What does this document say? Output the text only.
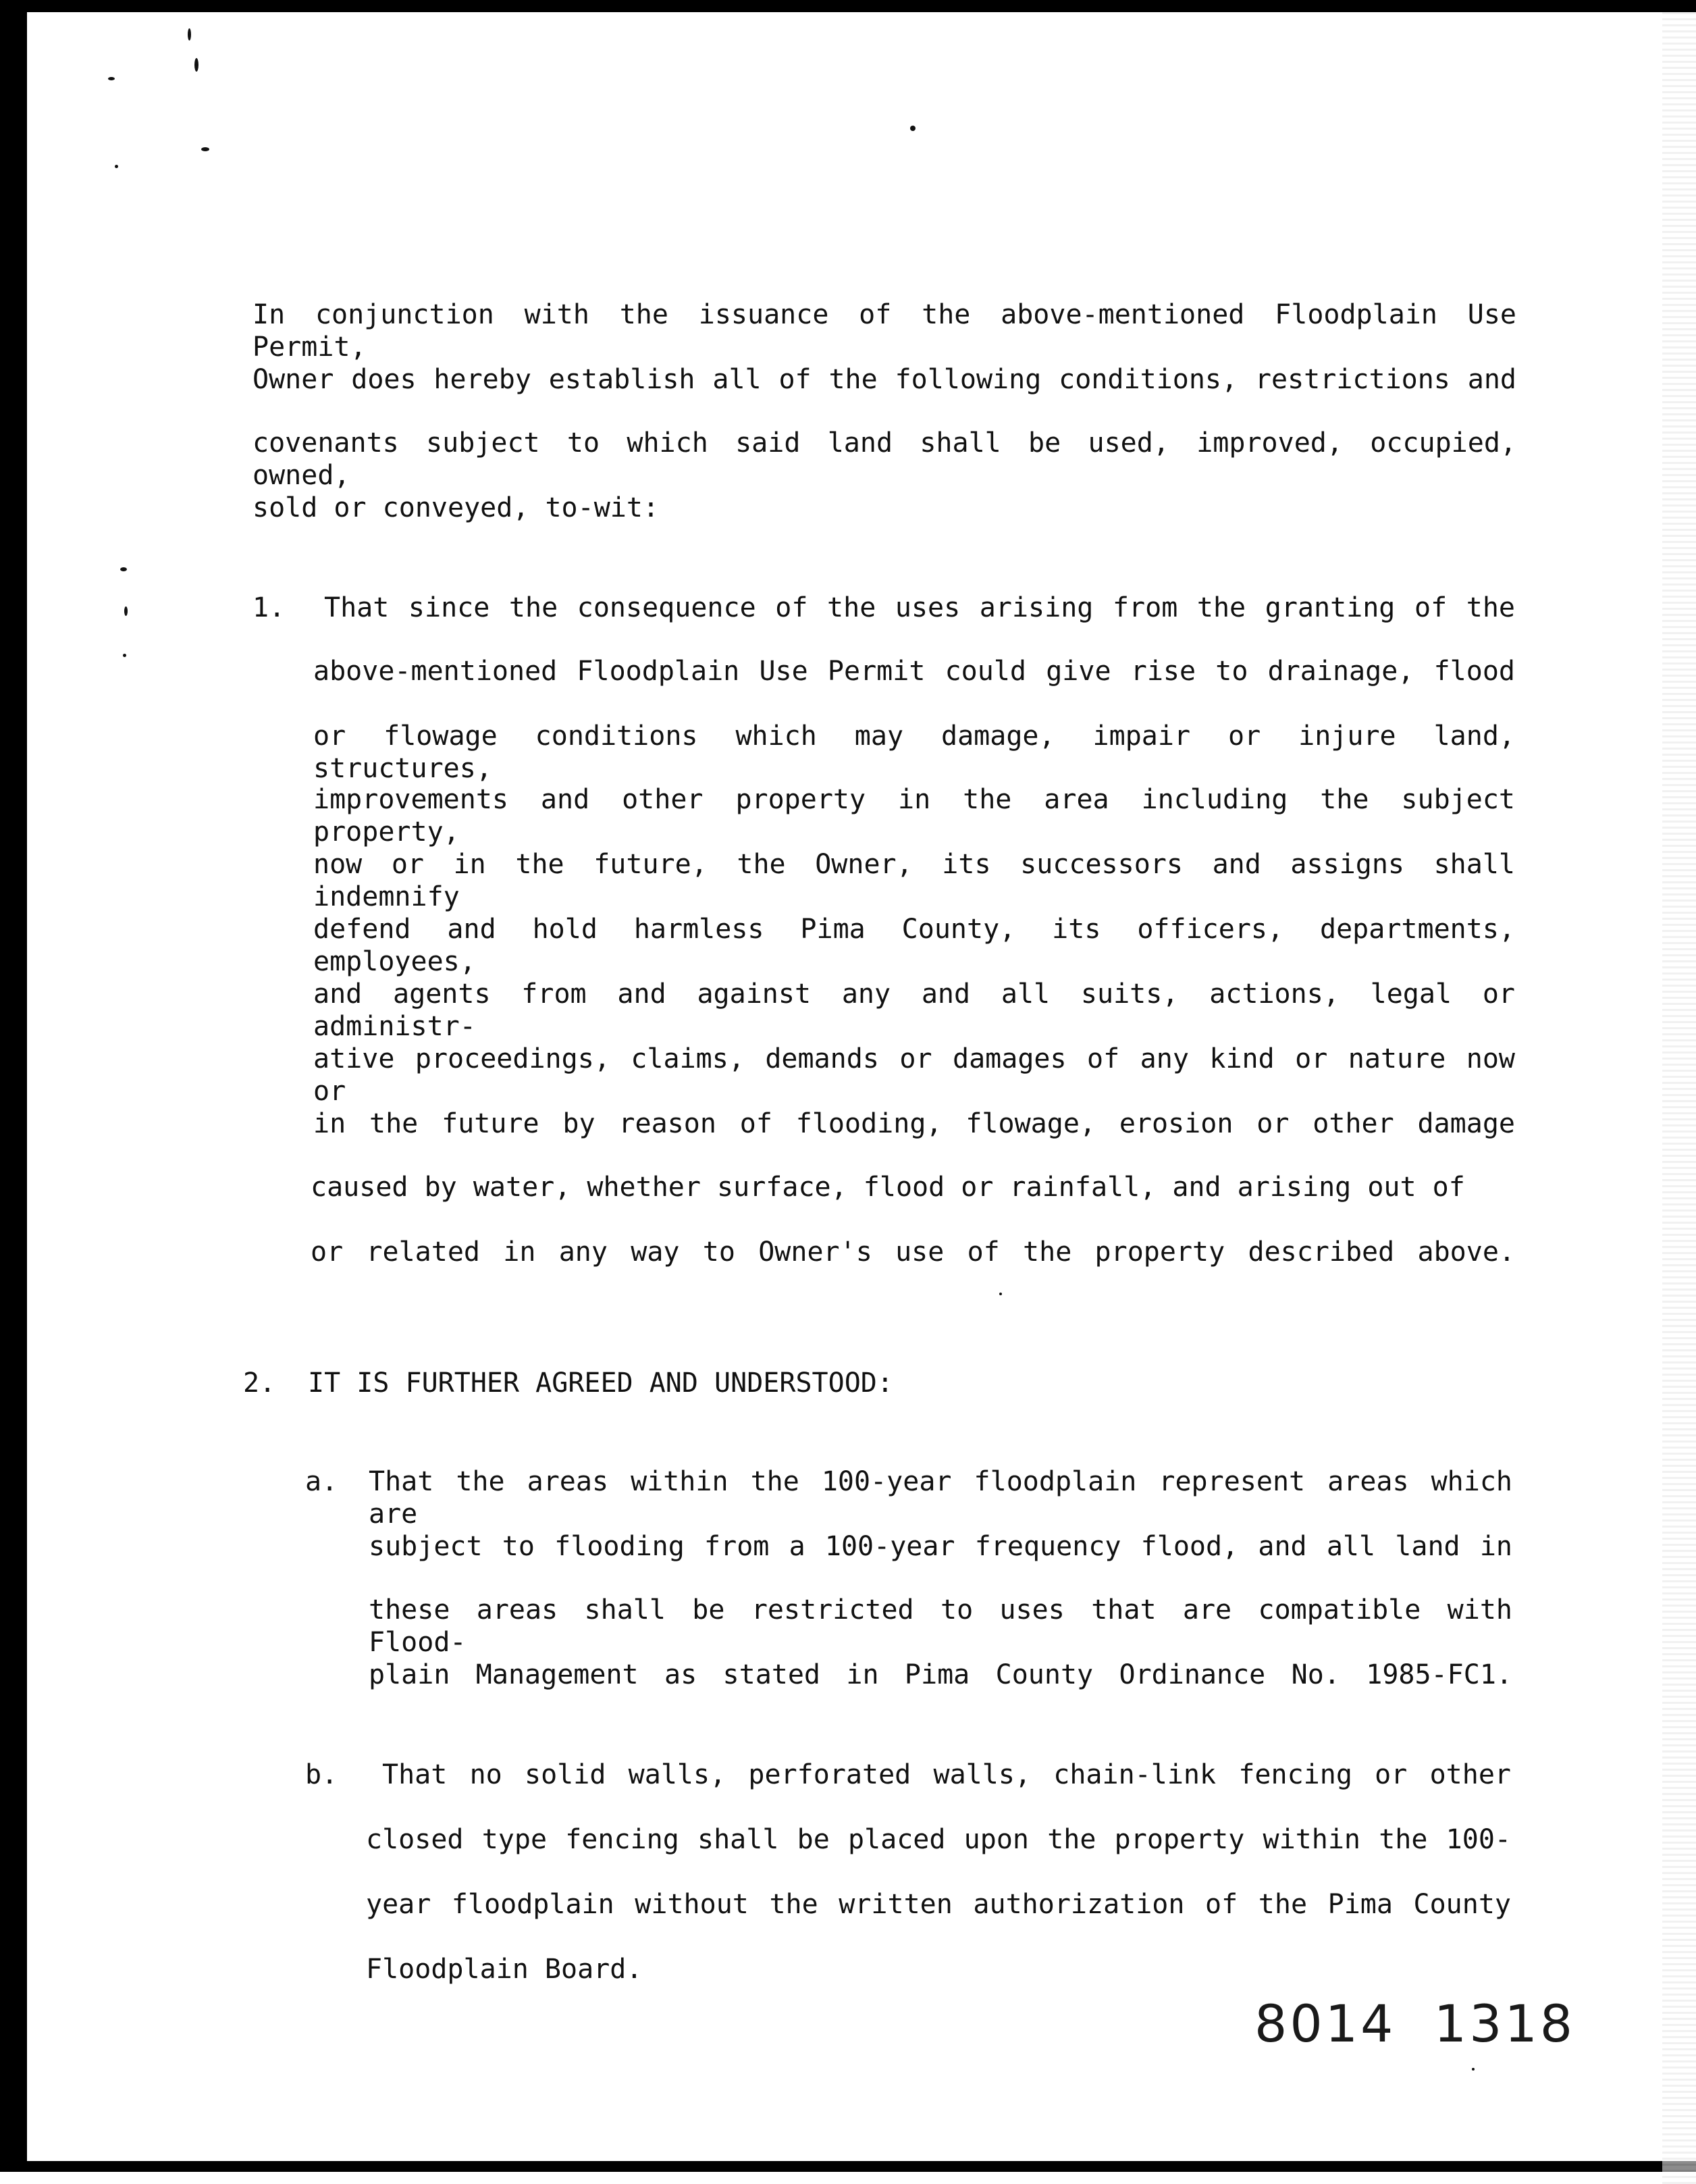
In conjunction with the issuance of the above-mentioned Floodplain Use Permit,
Owner does hereby establish all of the following conditions, restrictions and
covenants subject to which said land shall be used, improved, occupied, owned,
sold or conveyed, to-wit:
1. That since the consequence of the uses arising from the granting of the
above-mentioned Floodplain Use Permit could give rise to drainage, flood
or flowage conditions which may damage, impair or injure land, structures,
improvements and other property in the area including the subject property,
now or in the future, the Owner, its successors and assigns shall indemnify
defend and hold harmless Pima County, its officers, departments, employees,
and agents from and against any and all suits, actions, legal or administr-
ative proceedings, claims, demands or damages of any kind or nature now or
in the future by reason of flooding, flowage, erosion or other damage
caused by water, whether surface, flood or rainfall, and arising out of
or related in any way to Owner's use of the property described above.
2. IT IS FURTHER AGREED AND UNDERSTOOD:
a. That the areas within the 100-year floodplain represent areas which are
subject to flooding from a 100-year frequency flood, and all land in
these areas shall be restricted to uses that are compatible with Flood-
plain Management as stated in Pima County Ordinance No. 1985-FC1.
b. That no solid walls, perforated walls, chain-link fencing or other
closed type fencing shall be placed upon the property within the 100-
year floodplain without the written authorization of the Pima County
Floodplain Board.
8014  1318
